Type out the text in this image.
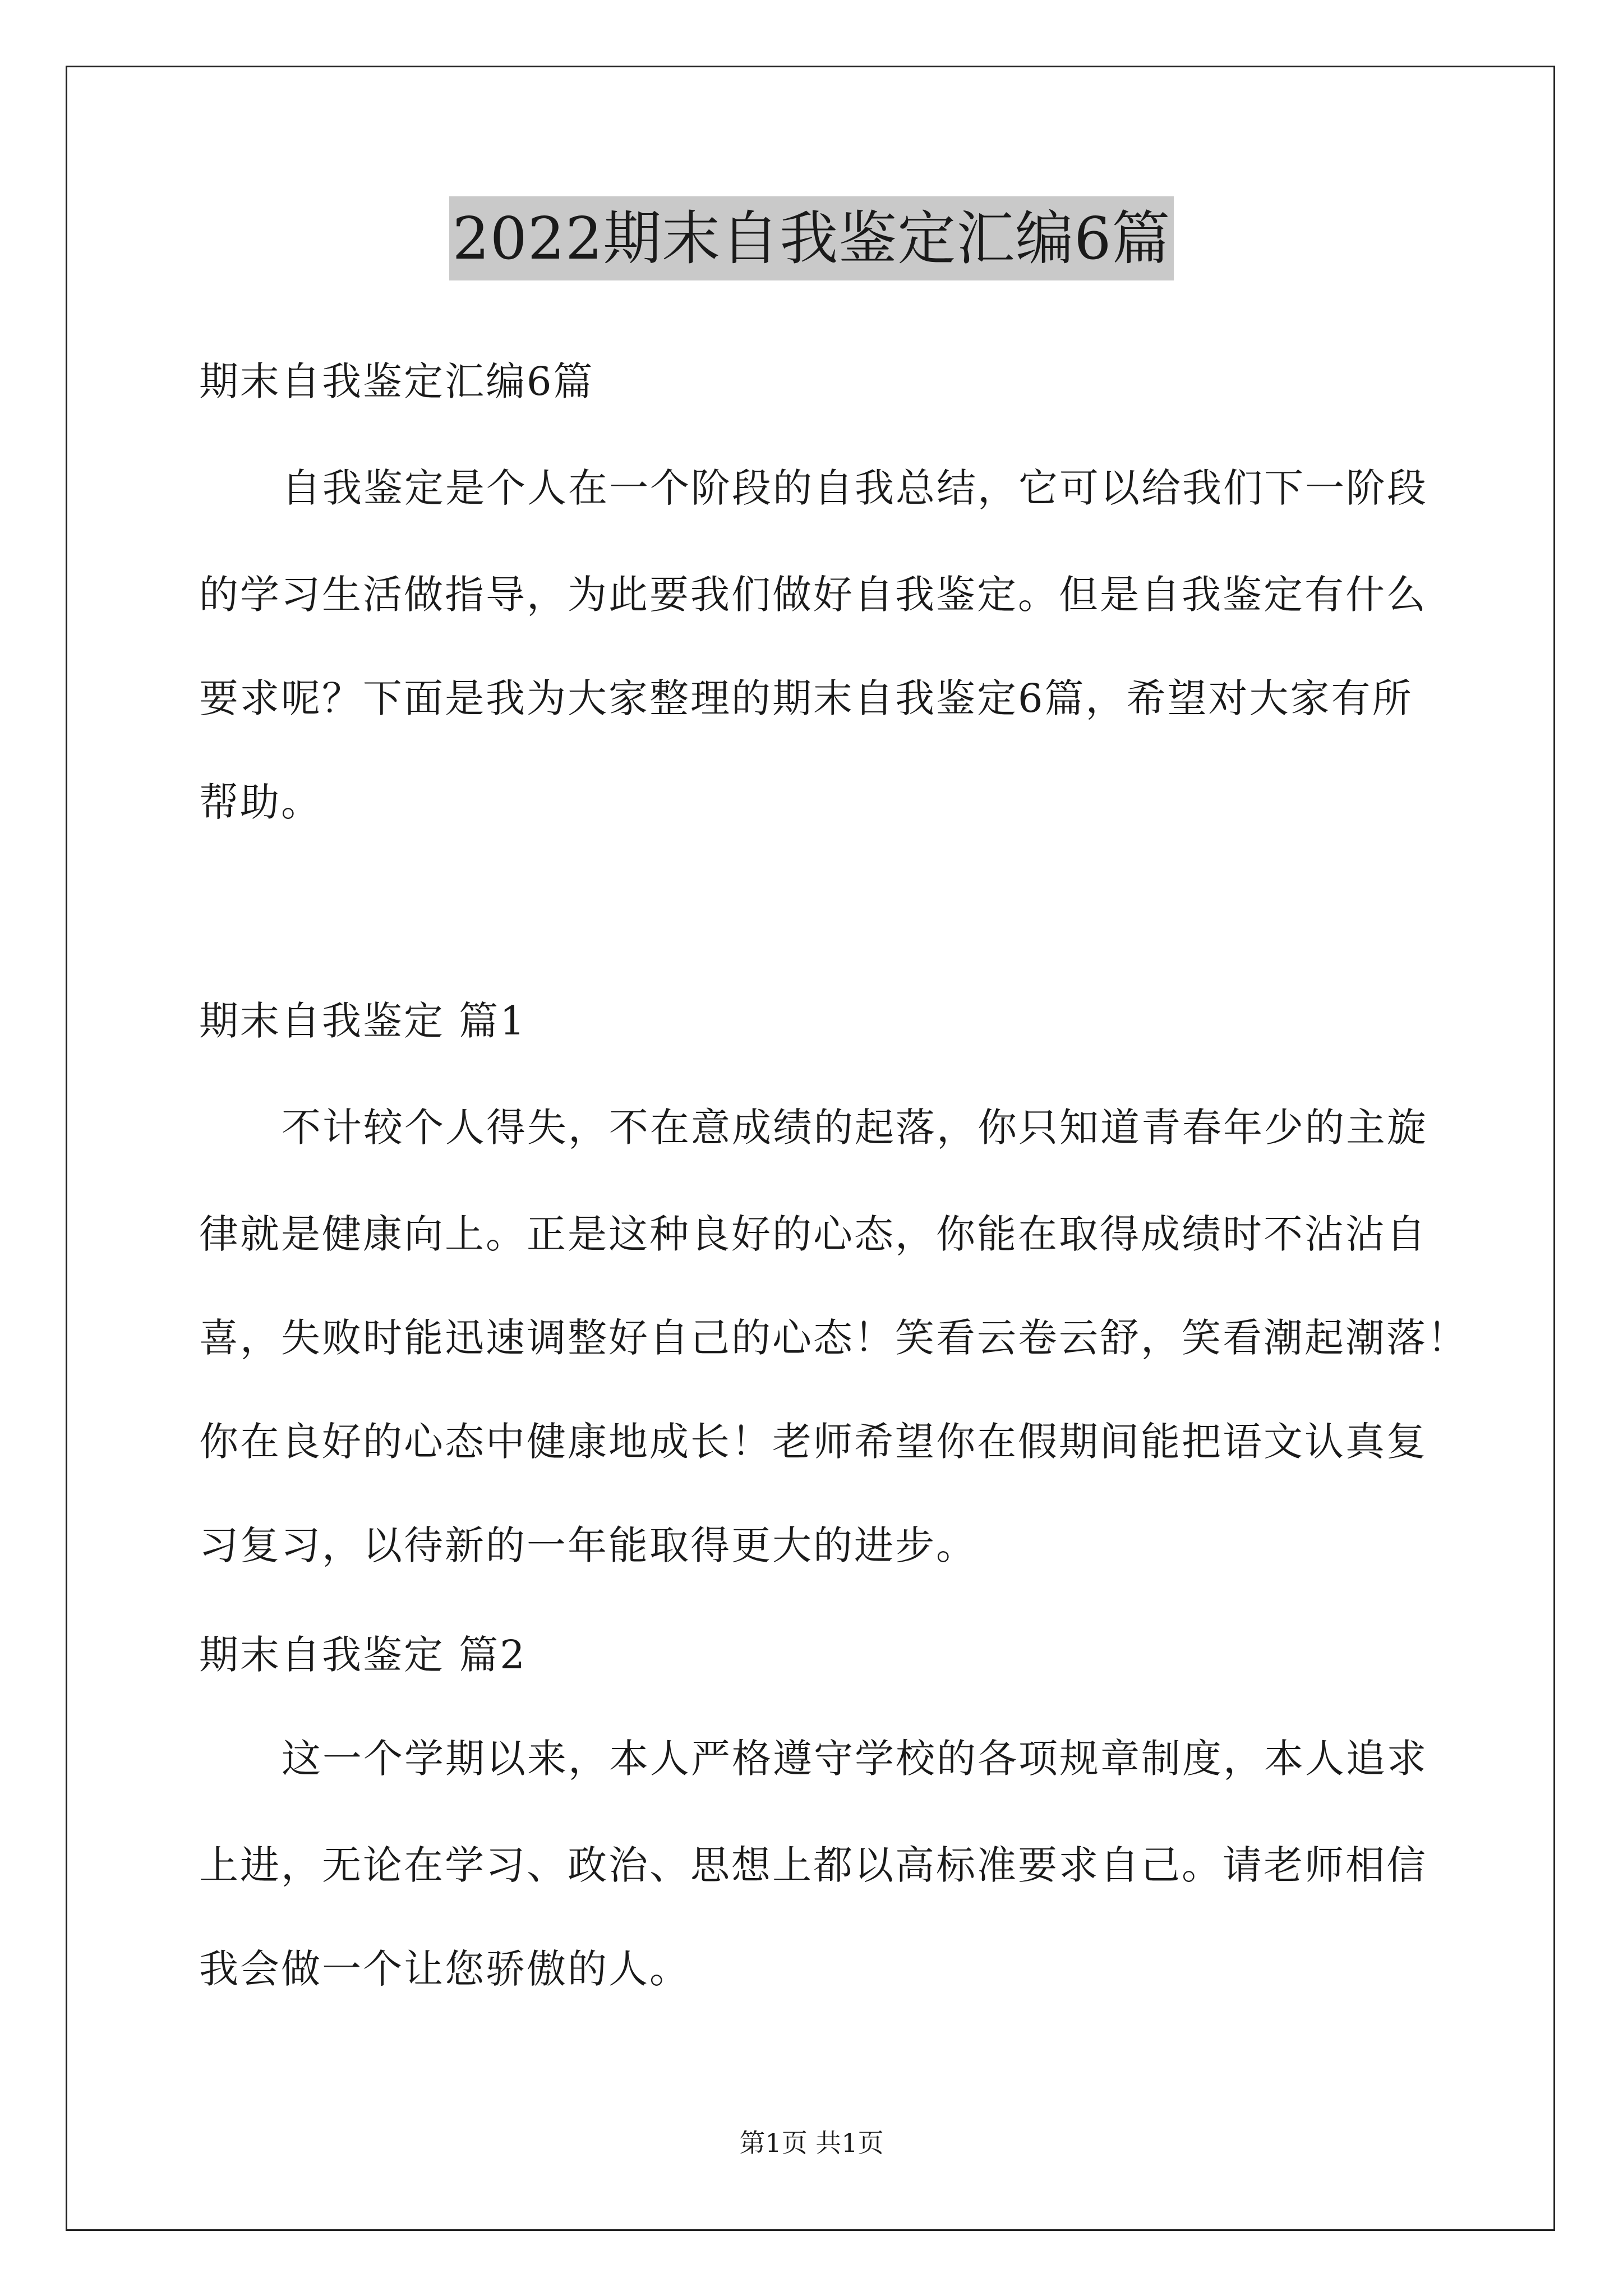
2022期末自我鉴定汇编6篇
期末自我鉴定汇编6篇
自我鉴定是个人在一个阶段的自我总结，它可以给我们下一阶段
的学习生活做指导，为此要我们做好自我鉴定。但是自我鉴定有什么
要求呢？下面是我为大家整理的期末自我鉴定6篇，希望对大家有所
帮助。
期末自我鉴定 篇1
不计较个人得失，不在意成绩的起落，你只知道青春年少的主旋
律就是健康向上。正是这种良好的心态，你能在取得成绩时不沾沾自
喜，失败时能迅速调整好自己的心态！笑看云卷云舒，笑看潮起潮落！
你在良好的心态中健康地成长！老师希望你在假期间能把语文认真复
习复习，以待新的一年能取得更大的进步。
期末自我鉴定 篇2
这一个学期以来，本人严格遵守学校的各项规章制度，本人追求
上进，无论在学习、政治、思想上都以高标准要求自己。请老师相信
我会做一个让您骄傲的人。
第1页 共1页
